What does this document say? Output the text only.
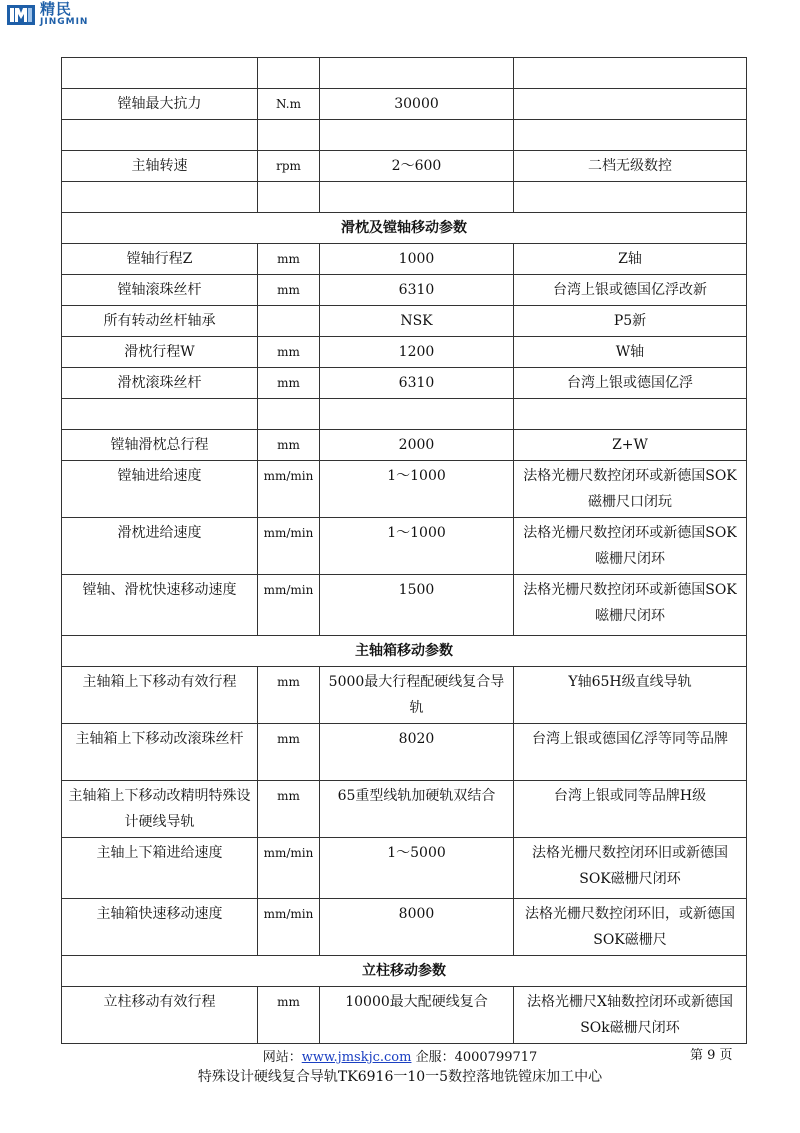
精民
JINGMIN

镗轴最大抗力	N.m	30000	

主轴转速	rpm	2～600	二档无级数控

滑枕及镗轴移动参数			
镗轴行程Z	mm	1000	Z轴
镗轴滚珠丝杆	mm	6310	台湾上银或德国亿浮改新
所有转动丝杆轴承		NSK	P5新
滑枕行程W	mm	1200	W轴
滑枕滚珠丝杆	mm	6310	台湾上银或德国亿浮

镗轴滑枕总行程	mm	2000	Z+W
镗轴进给速度	mm/min	1～1000	法格光栅尺数控闭环或新德国SOK磁栅尺口闭玩
滑枕进给速度	mm/min	1～1000	法格光栅尺数控闭环或新德国SOK嗞栅尺闭环
镗轴、滑枕快速移动速度	mm/min	1500	法格光栅尺数控闭环或新德国SOK嗞栅尺闭环
主轴箱移动参数			
主轴箱上下移动有效行程	mm	5000最大行程配硬线复合导轨	Y轴65H级直线导轨
主轴箱上下移动改滚珠丝杆	mm	8020	台湾上银或德国亿浮等同等品牌
主轴箱上下移动改精明特殊设计硬线导轨	mm	65重型线轨加硬轨双结合	台湾上银或同等品牌H级
主轴上下箱进给速度	mm/min	1～5000	法格光栅尺数控闭环旧或新德国SOK磁栅尺闭环
主轴箱快速移动速度	mm/min	8000	法格光栅尺数控闭环旧，或新德国SOK磁栅尺
立柱移动参数			
立柱移动有效行程	mm	10000最大配硬线复合	法格光栅尺X轴数控闭环或新德国SOk磁栅尺闭环
网站：www.jmskjc.com 企服：4000799717	第 9 页
特殊设计硬线复合导轨TK6916一10一5数控落地铣镗床加工中心
